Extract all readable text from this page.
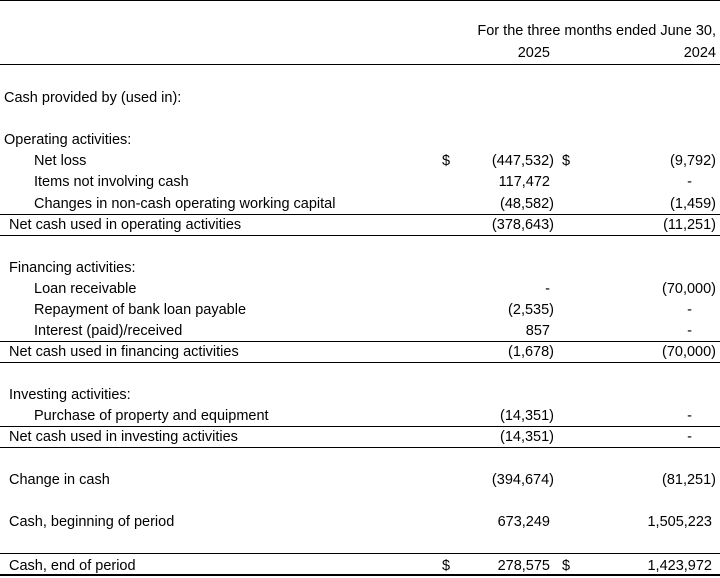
For the three months ended June 30,
2025	2024
Cash provided by (used in):
Operating activities:
Net loss	$	(447,532) $	(9,792)
Items not involving cash	117,472	-
Changes in non-cash operating working capital	(48,582)	(1,459)
Net cash used in operating activities	(378,643)	(11,251)
Financing activities:
Loan receivable	-	(70,000)
Repayment of bank loan payable	(2,535)	-
Interest (paid)/received	857	-
Net cash used in financing activities	(1,678)	(70,000)
Investing activities:
Purchase of property and equipment	(14,351)	-
Net cash used in investing activities	(14,351)	-
Change in cash	(394,674)	(81,251)
Cash, beginning of period	673,249	1,505,223
Cash, end of period	$	278,575 $	1,423,972
